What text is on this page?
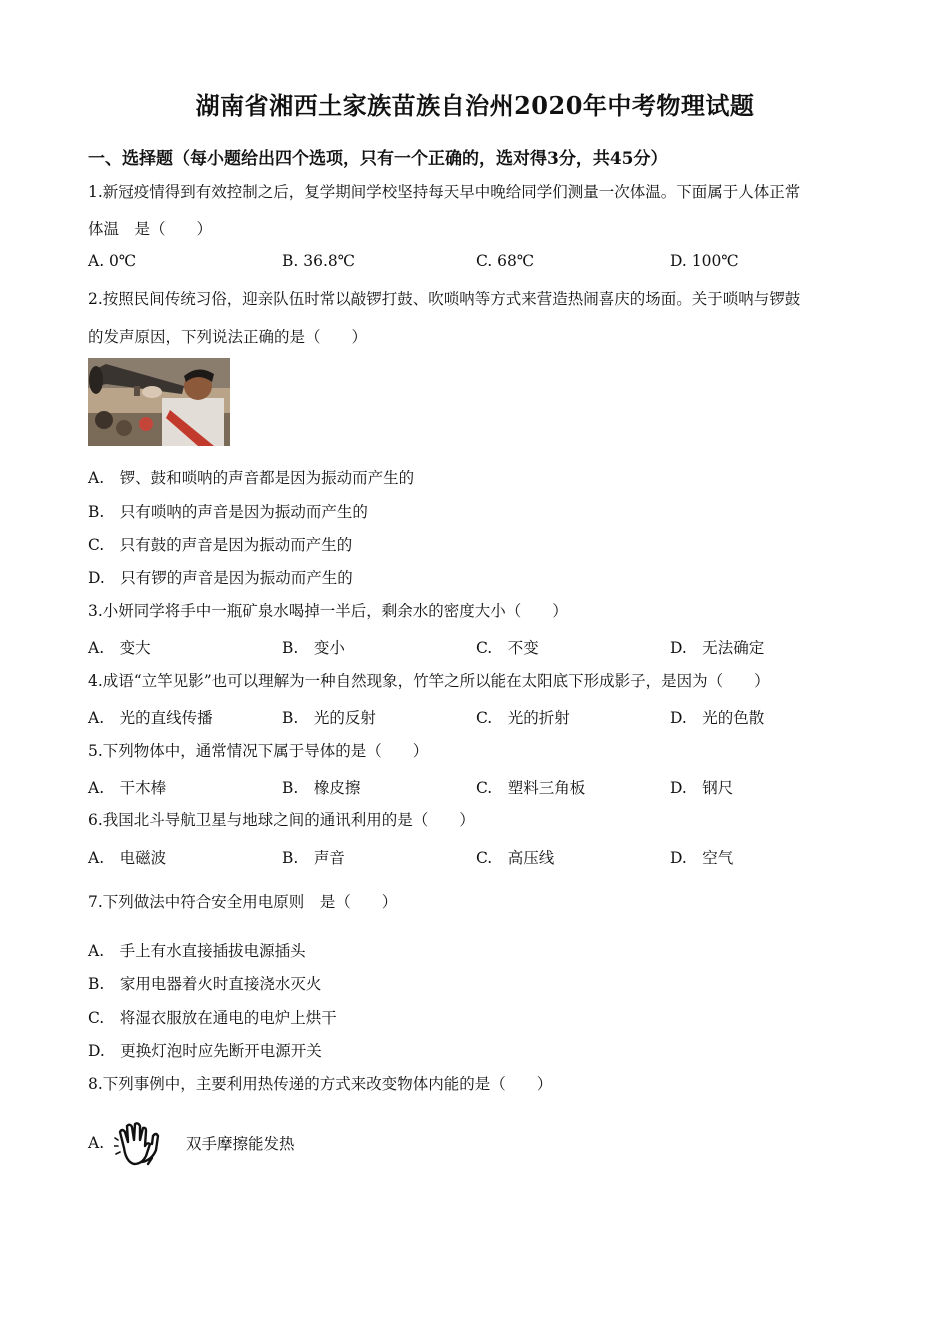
湖南省湘西土家族苗族自治州2020年中考物理试题
一、选择题（每小题给出四个选项，只有一个正确的，选对得3分，共45分）
1.新冠疫情得到有效控制之后，复学期间学校坚持每天早中晚给同学们测量一次体温。下面属于人体正常
体温　是（　　）
A. 0℃	B. 36.8℃	C. 68℃	D. 100℃
2.按照民间传统习俗，迎亲队伍时常以敲锣打鼓、吹唢呐等方式来营造热闹喜庆的场面。关于唢呐与锣鼓
的发声原因，下列说法正确的是（　　）
A.　锣、鼓和唢呐的声音都是因为振动而产生的
B.　只有唢呐的声音是因为振动而产生的
C.　只有鼓的声音是因为振动而产生的
D.　只有锣的声音是因为振动而产生的
3.小妍同学将手中一瓶矿泉水喝掉一半后，剩余水的密度大小（　　）
A.　变大	B.　变小	C.　不变	D.　无法确定
4.成语“立竿见影”也可以理解为一种自然现象，竹竿之所以能在太阳底下形成影子，是因为（　　）
A.　光的直线传播	B.　光的反射	C.　光的折射	D.　光的色散
5.下列物体中，通常情况下属于导体的是（　　）
A.　干木棒	B.　橡皮擦	C.　塑料三角板	D.　钢尺
6.我国北斗导航卫星与地球之间的通讯利用的是（　　）
A.　电磁波	B.　声音	C.　高压线	D.　空气
7.下列做法中符合安全用电原则　是（　　）
A.　手上有水直接插拔电源插头
B.　家用电器着火时直接浇水灭火
C.　将湿衣服放在通电的电炉上烘干
D.　更换灯泡时应先断开电源开关
8.下列事例中，主要利用热传递的方式来改变物体内能的是（　　）
A.	双手摩擦能发热
